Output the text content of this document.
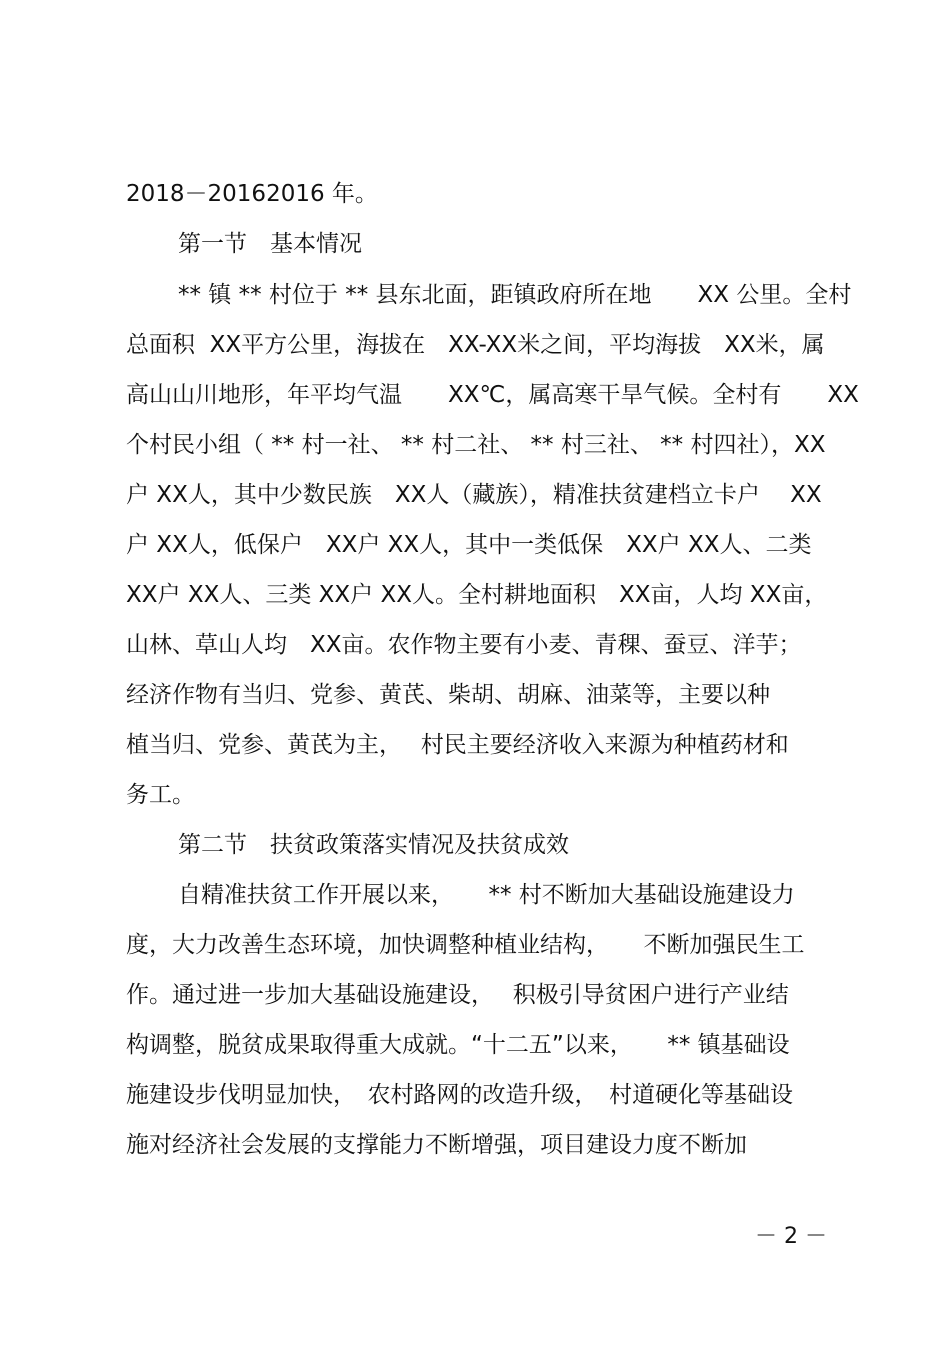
2018－20162016 年。
第一节　基本情况
** 镇 ** 村位于 ** 县东北面，距镇政府所在地　　XX 公里。全村
总面积  XX平方公里，海拔在　XX-XX米之间，平均海拔　XX米，属
高山山川地形，年平均气温　　XX℃，属高寒干旱气候。全村有　　XX
个村民小组（ ** 村一社、 ** 村二社、 ** 村三社、 ** 村四社），XX
户 XX人，其中少数民族　XX人（藏族），精准扶贫建档立卡户　 XX
户 XX人，低保户　XX户 XX人，其中一类低保　XX户 XX人、二类
XX户 XX人、三类 XX户 XX人。全村耕地面积　XX亩，人均 XX亩，
山林、草山人均　XX亩。农作物主要有小麦、青稞、蚕豆、洋芋；
经济作物有当归、党参、黄芪、柴胡、胡麻、油菜等，主要以种
植当归、党参、黄芪为主，　 村民主要经济收入来源为种植药材和
务工。
第二节　扶贫政策落实情况及扶贫成效
自精准扶贫工作开展以来，　　** 村不断加大基础设施建设力
度，大力改善生态环境，加快调整种植业结构，　　不断加强民生工
作。通过进一步加大基础设施建设，　 积极引导贫困户进行产业结
构调整，脱贫成果取得重大成就。“十二五”以来，　　** 镇基础设
施建设步伐明显加快，　农村路网的改造升级，　村道硬化等基础设
施对经济社会发展的支撑能力不断增强，项目建设力度不断加
－ 2 －
